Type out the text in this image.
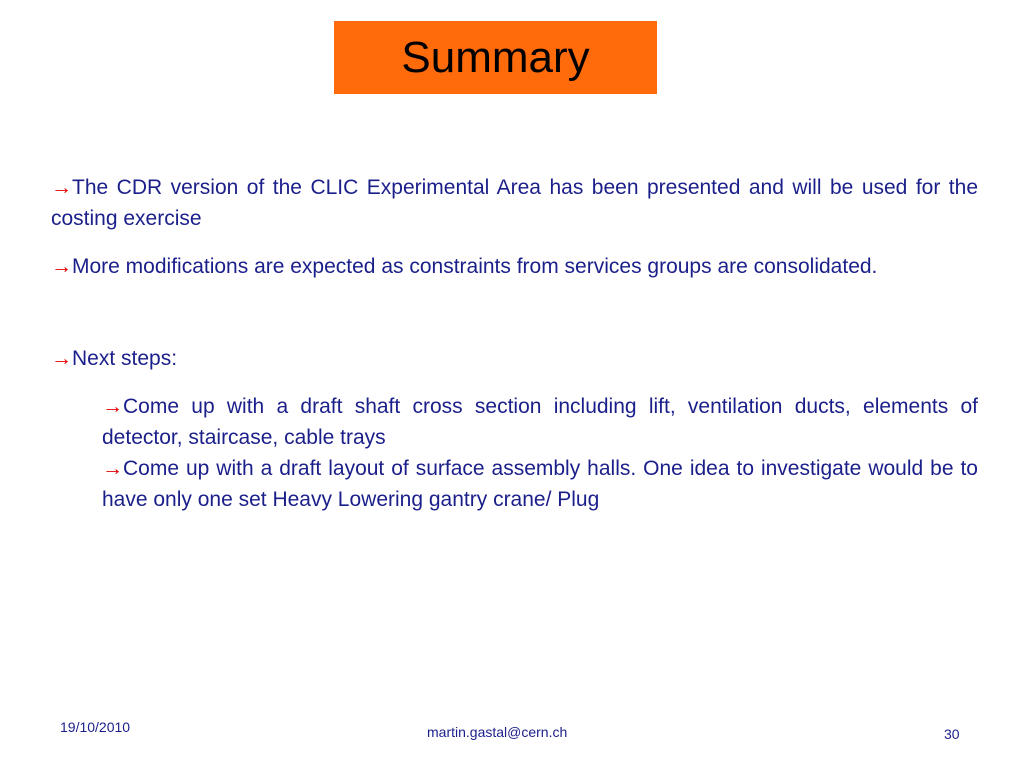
Summary

→The CDR version of the CLIC Experimental Area has been presented and will be used for the costing exercise

→More modifications are expected as constraints from services groups are consolidated.

→Next steps:

→Come up with a draft shaft cross section including lift, ventilation ducts, elements of detector, staircase, cable trays

→Come up with a draft layout of surface assembly halls. One idea to investigate would be to have only one set Heavy Lowering gantry crane/ Plug

19/10/2010	martin.gastal@cern.ch	30
